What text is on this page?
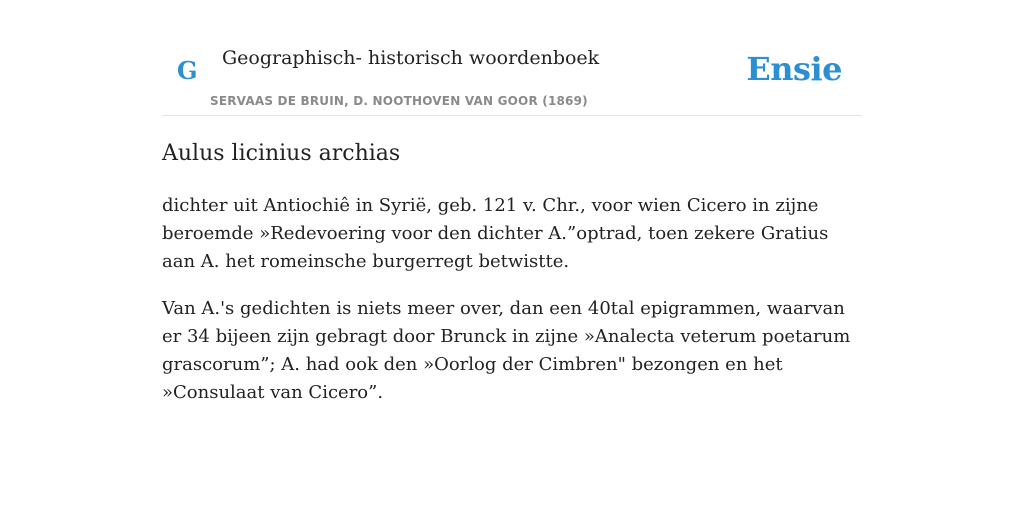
G Geographisch- historisch woordenboek
SERVAAS DE BRUIN, D. NOOTHOVEN VAN GOOR (1869)
Ensie
Aulus licinius archias

dichter uit Antiochiê in Syrië, geb. 121 v. Chr., voor wien Cicero in zijne beroemde »Redevoering voor den dichter A.”optrad, toen zekere Gratius aan A. het romeinsche burgerregt betwistte.

Van A.'s gedichten is niets meer over, dan een 40tal epigrammen, waarvan er 34 bijeen zijn gebragt door Brunck in zijne »Analecta veterum poetarum grascorum”; A. had ook den »Oorlog der Cimbren" bezongen en het »Consulaat van Cicero”.
